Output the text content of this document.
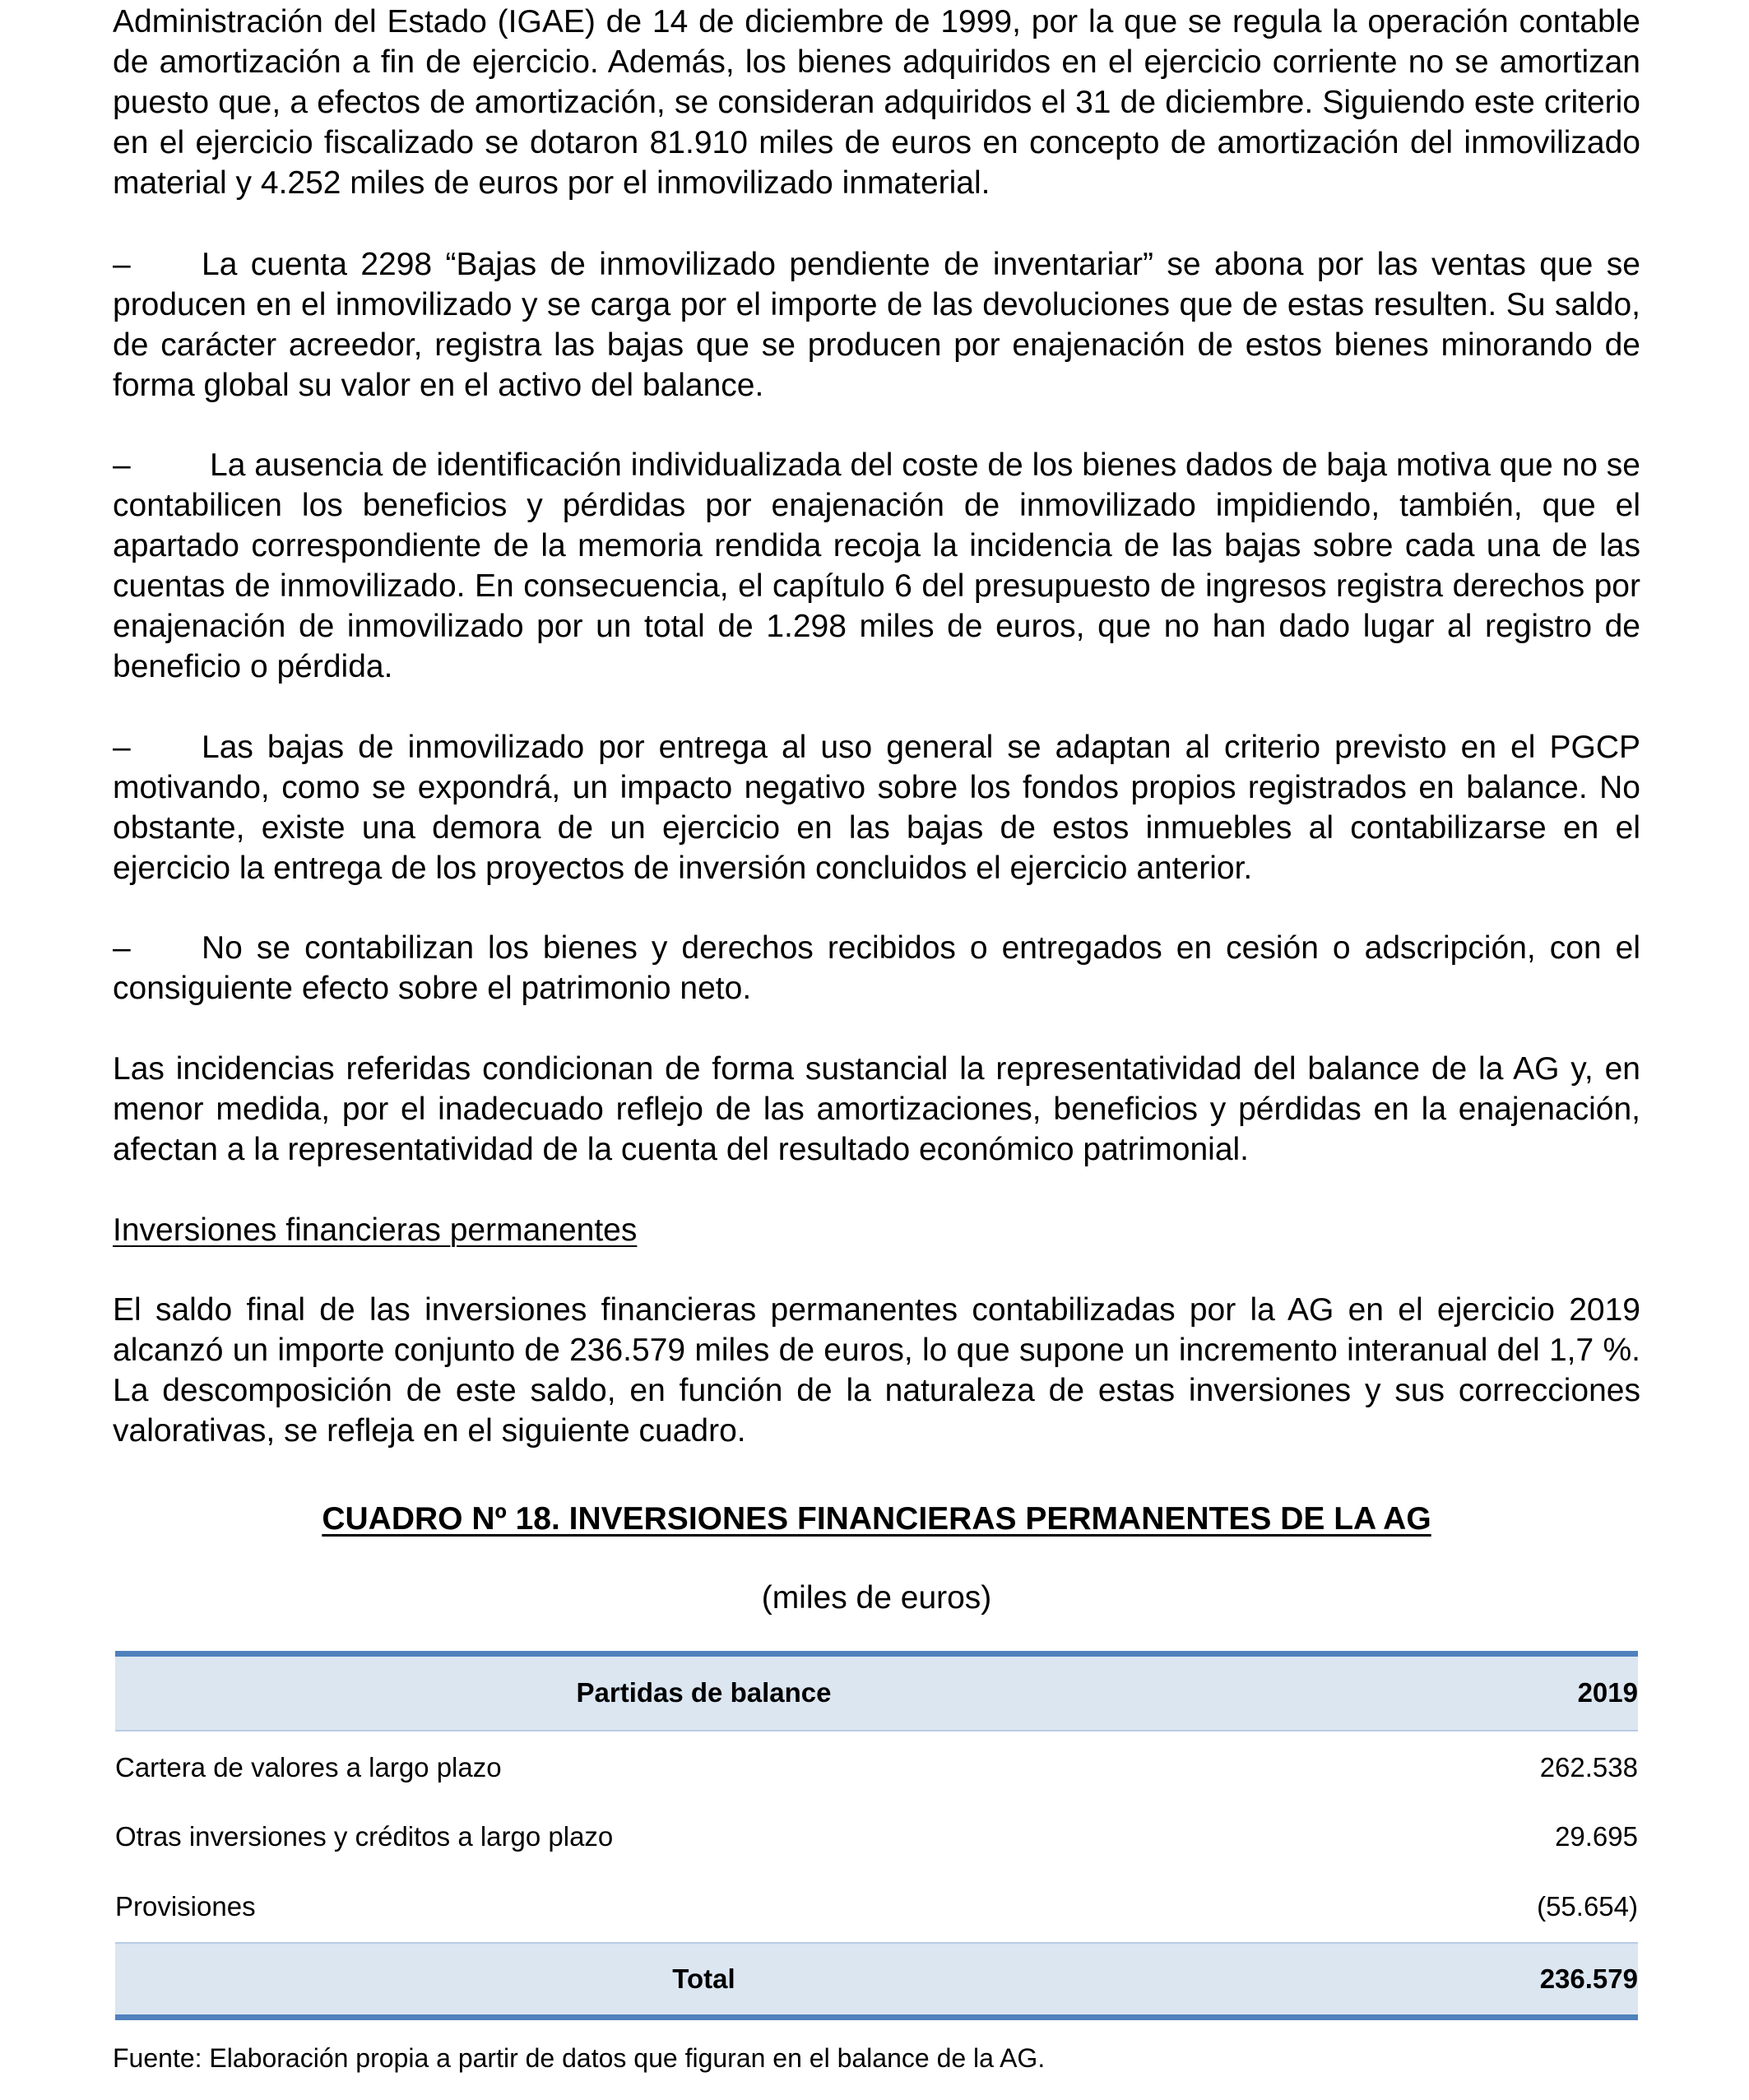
Administración del Estado (IGAE) de 14 de diciembre de 1999, por la que se regula la operación contable de amortización a fin de ejercicio. Además, los bienes adquiridos en el ejercicio corriente no se amortizan puesto que, a efectos de amortización, se consideran adquiridos el 31 de diciembre. Siguiendo este criterio en el ejercicio fiscalizado se dotaron 81.910 miles de euros en concepto de amortización del inmovilizado material y 4.252 miles de euros por el inmovilizado inmaterial.

– La cuenta 2298 “Bajas de inmovilizado pendiente de inventariar” se abona por las ventas que se producen en el inmovilizado y se carga por el importe de las devoluciones que de estas resulten. Su saldo, de carácter acreedor, registra las bajas que se producen por enajenación de estos bienes minorando de forma global su valor en el activo del balance.

– La ausencia de identificación individualizada del coste de los bienes dados de baja motiva que no se contabilicen los beneficios y pérdidas por enajenación de inmovilizado impidiendo, también, que el apartado correspondiente de la memoria rendida recoja la incidencia de las bajas sobre cada una de las cuentas de inmovilizado. En consecuencia, el capítulo 6 del presupuesto de ingresos registra derechos por enajenación de inmovilizado por un total de 1.298 miles de euros, que no han dado lugar al registro de beneficio o pérdida.

– Las bajas de inmovilizado por entrega al uso general se adaptan al criterio previsto en el PGCP motivando, como se expondrá, un impacto negativo sobre los fondos propios registrados en balance. No obstante, existe una demora de un ejercicio en las bajas de estos inmuebles al contabilizarse en el ejercicio la entrega de los proyectos de inversión concluidos el ejercicio anterior.

– No se contabilizan los bienes y derechos recibidos o entregados en cesión o adscripción, con el consiguiente efecto sobre el patrimonio neto.

Las incidencias referidas condicionan de forma sustancial la representatividad del balance de la AG y, en menor medida, por el inadecuado reflejo de las amortizaciones, beneficios y pérdidas en la enajenación, afectan a la representatividad de la cuenta del resultado económico patrimonial.

Inversiones financieras permanentes

El saldo final de las inversiones financieras permanentes contabilizadas por la AG en el ejercicio 2019 alcanzó un importe conjunto de 236.579 miles de euros, lo que supone un incremento interanual del 1,7 %. La descomposición de este saldo, en función de la naturaleza de estas inversiones y sus correcciones valorativas, se refleja en el siguiente cuadro.

CUADRO Nº 18. INVERSIONES FINANCIERAS PERMANENTES DE LA AG
(miles de euros)
Partidas de balance	2019
Cartera de valores a largo plazo	262.538
Otras inversiones y créditos a largo plazo	29.695
Provisiones	(55.654)
Total	236.579
Fuente: Elaboración propia a partir de datos que figuran en el balance de la AG.
